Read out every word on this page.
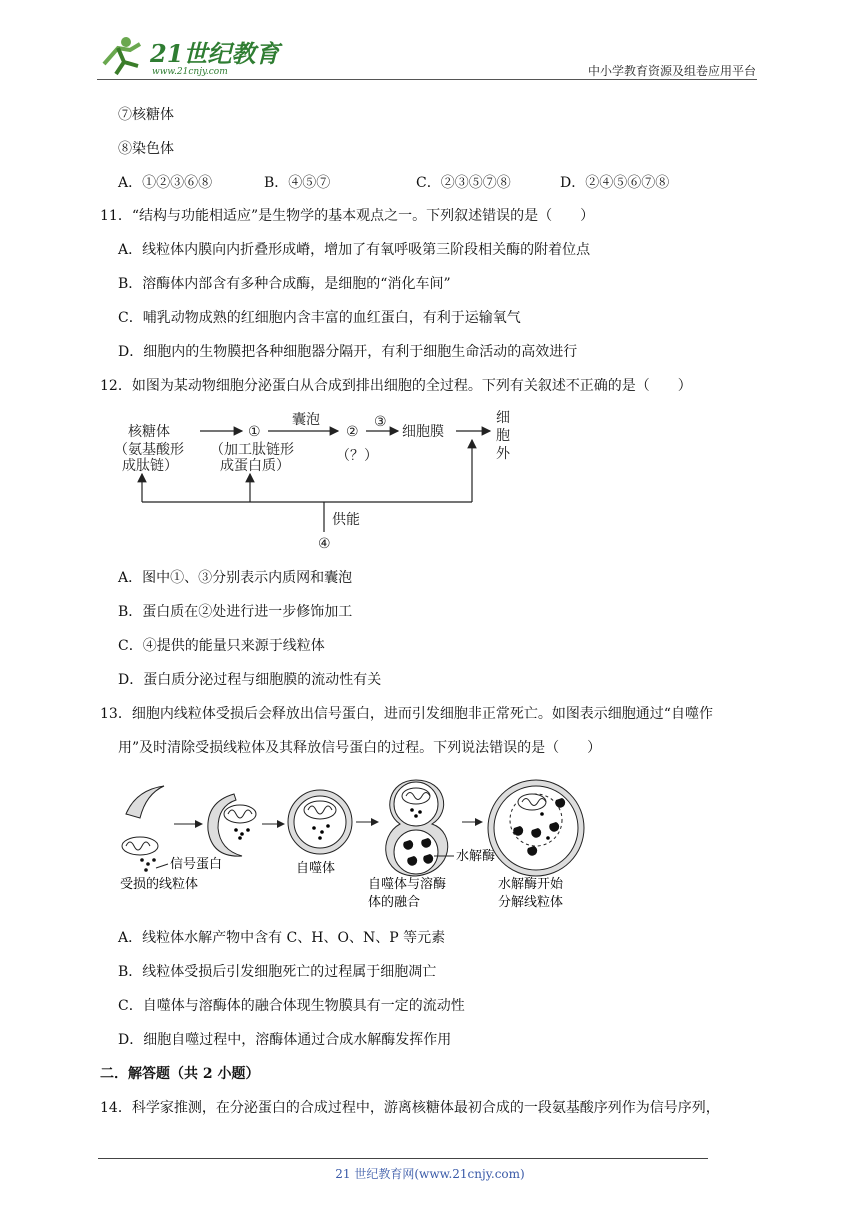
21世纪教育
www.21cnjy.com	中小学教育资源及组卷应用平台
⑦核糖体
⑧染色体
A．①②③⑥⑧	B．④⑤⑦	C．②③⑤⑦⑧	D．②④⑤⑥⑦⑧
11．“结构与功能相适应”是生物学的基本观点之一。下列叙述错误的是（　　）
A．线粒体内膜向内折叠形成嵴，增加了有氧呼吸第三阶段相关酶的附着位点
B．溶酶体内部含有多种合成酶，是细胞的“消化车间”
C．哺乳动物成熟的红细胞内含丰富的血红蛋白，有利于运输氧气
D．细胞内的生物膜把各种细胞器分隔开，有利于细胞生命活动的高效进行
12．如图为某动物细胞分泌蛋白从合成到排出细胞的全过程。下列有关叙述不正确的是（　　）
核糖体
（氨基酸形
成肽链）
①
（加工肽链形
成蛋白质）
囊泡
②
（？）
③
细胞膜
细
胞
外
供能
④
A．图中①、③分别表示内质网和囊泡
B．蛋白质在②处进行进一步修饰加工
C．④提供的能量只来源于线粒体
D．蛋白质分泌过程与细胞膜的流动性有关
13．细胞内线粒体受损后会释放出信号蛋白，进而引发细胞非正常死亡。如图表示细胞通过“自噬作
用”及时清除受损线粒体及其释放信号蛋白的过程。下列说法错误的是（　　）
信号蛋白
受损的线粒体
自噬体
水解酶
自噬体与溶酶
体的融合
水解酶开始
分解线粒体
A．线粒体水解产物中含有 C、H、O、N、P 等元素
B．线粒体受损后引发细胞死亡的过程属于细胞凋亡
C．自噬体与溶酶体的融合体现生物膜具有一定的流动性
D．细胞自噬过程中，溶酶体通过合成水解酶发挥作用
二．解答题（共 2 小题）
14．科学家推测，在分泌蛋白的合成过程中，游离核糖体最初合成的一段氨基酸序列作为信号序列，
21 世纪教育网(www.21cnjy.com)
